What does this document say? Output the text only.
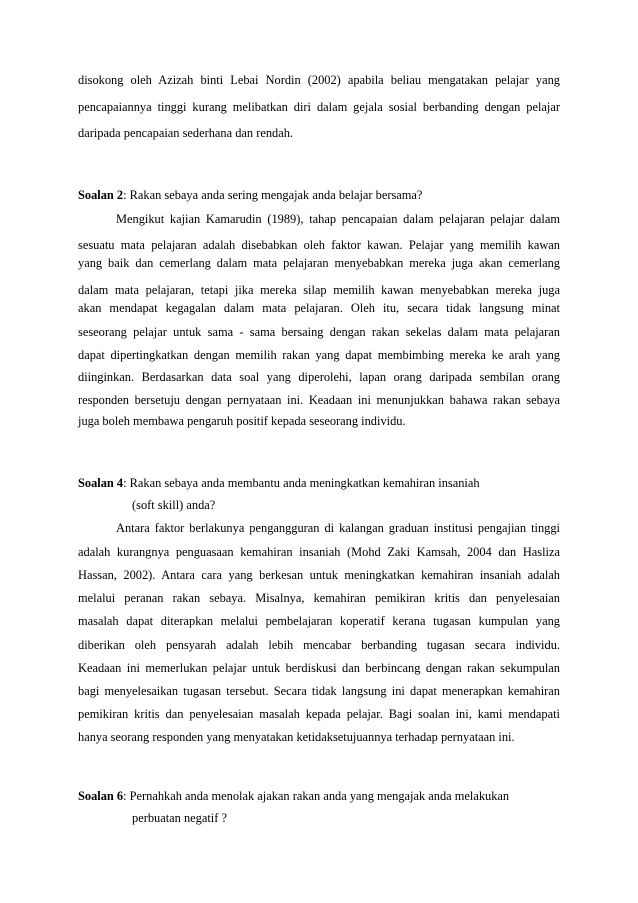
disokong oleh Azizah binti Lebai Nordin (2002) apabila beliau mengatakan pelajar yang
pencapaiannya tinggi kurang melibatkan diri dalam gejala sosial berbanding dengan pelajar
daripada pencapaian sederhana dan rendah.
Soalan 2: Rakan sebaya anda sering mengajak anda belajar bersama?
Mengikut kajian Kamarudin (1989), tahap pencapaian dalam pelajaran pelajar dalam
sesuatu mata pelajaran adalah disebabkan oleh faktor kawan. Pelajar yang memilih kawan
yang baik dan cemerlang dalam mata pelajaran menyebabkan mereka juga akan cemerlang
dalam mata pelajaran, tetapi jika mereka silap memilih kawan menyebabkan mereka juga
akan mendapat kegagalan dalam mata pelajaran. Oleh itu, secara tidak langsung minat
seseorang pelajar untuk sama - sama bersaing dengan rakan sekelas dalam mata pelajaran
dapat dipertingkatkan dengan memilih rakan yang dapat membimbing mereka ke arah yang
diinginkan. Berdasarkan data soal yang diperolehi, lapan orang daripada sembilan orang
responden bersetuju dengan pernyataan ini. Keadaan ini menunjukkan bahawa rakan sebaya
juga boleh membawa pengaruh positif kepada seseorang individu.
Soalan 4: Rakan sebaya anda membantu anda meningkatkan kemahiran insaniah
(soft skill) anda?
Antara faktor berlakunya pengangguran di kalangan graduan institusi pengajian tinggi
adalah kurangnya penguasaan kemahiran insaniah (Mohd Zaki Kamsah, 2004 dan Hasliza
Hassan, 2002). Antara cara yang berkesan untuk meningkatkan kemahiran insaniah adalah
melalui peranan rakan sebaya. Misalnya, kemahiran pemikiran kritis dan penyelesaian
masalah dapat diterapkan melalui pembelajaran koperatif kerana tugasan kumpulan yang
diberikan oleh pensyarah adalah lebih mencabar berbanding tugasan secara individu.
Keadaan ini memerlukan pelajar untuk berdiskusi dan berbincang dengan rakan sekumpulan
bagi menyelesaikan tugasan tersebut. Secara tidak langsung ini dapat menerapkan kemahiran
pemikiran kritis dan penyelesaian masalah kepada pelajar. Bagi soalan ini, kami mendapati
hanya seorang responden yang menyatakan ketidaksetujuannya terhadap pernyataan ini.
Soalan 6: Pernahkah anda menolak ajakan rakan anda yang mengajak anda melakukan
perbuatan negatif ?
